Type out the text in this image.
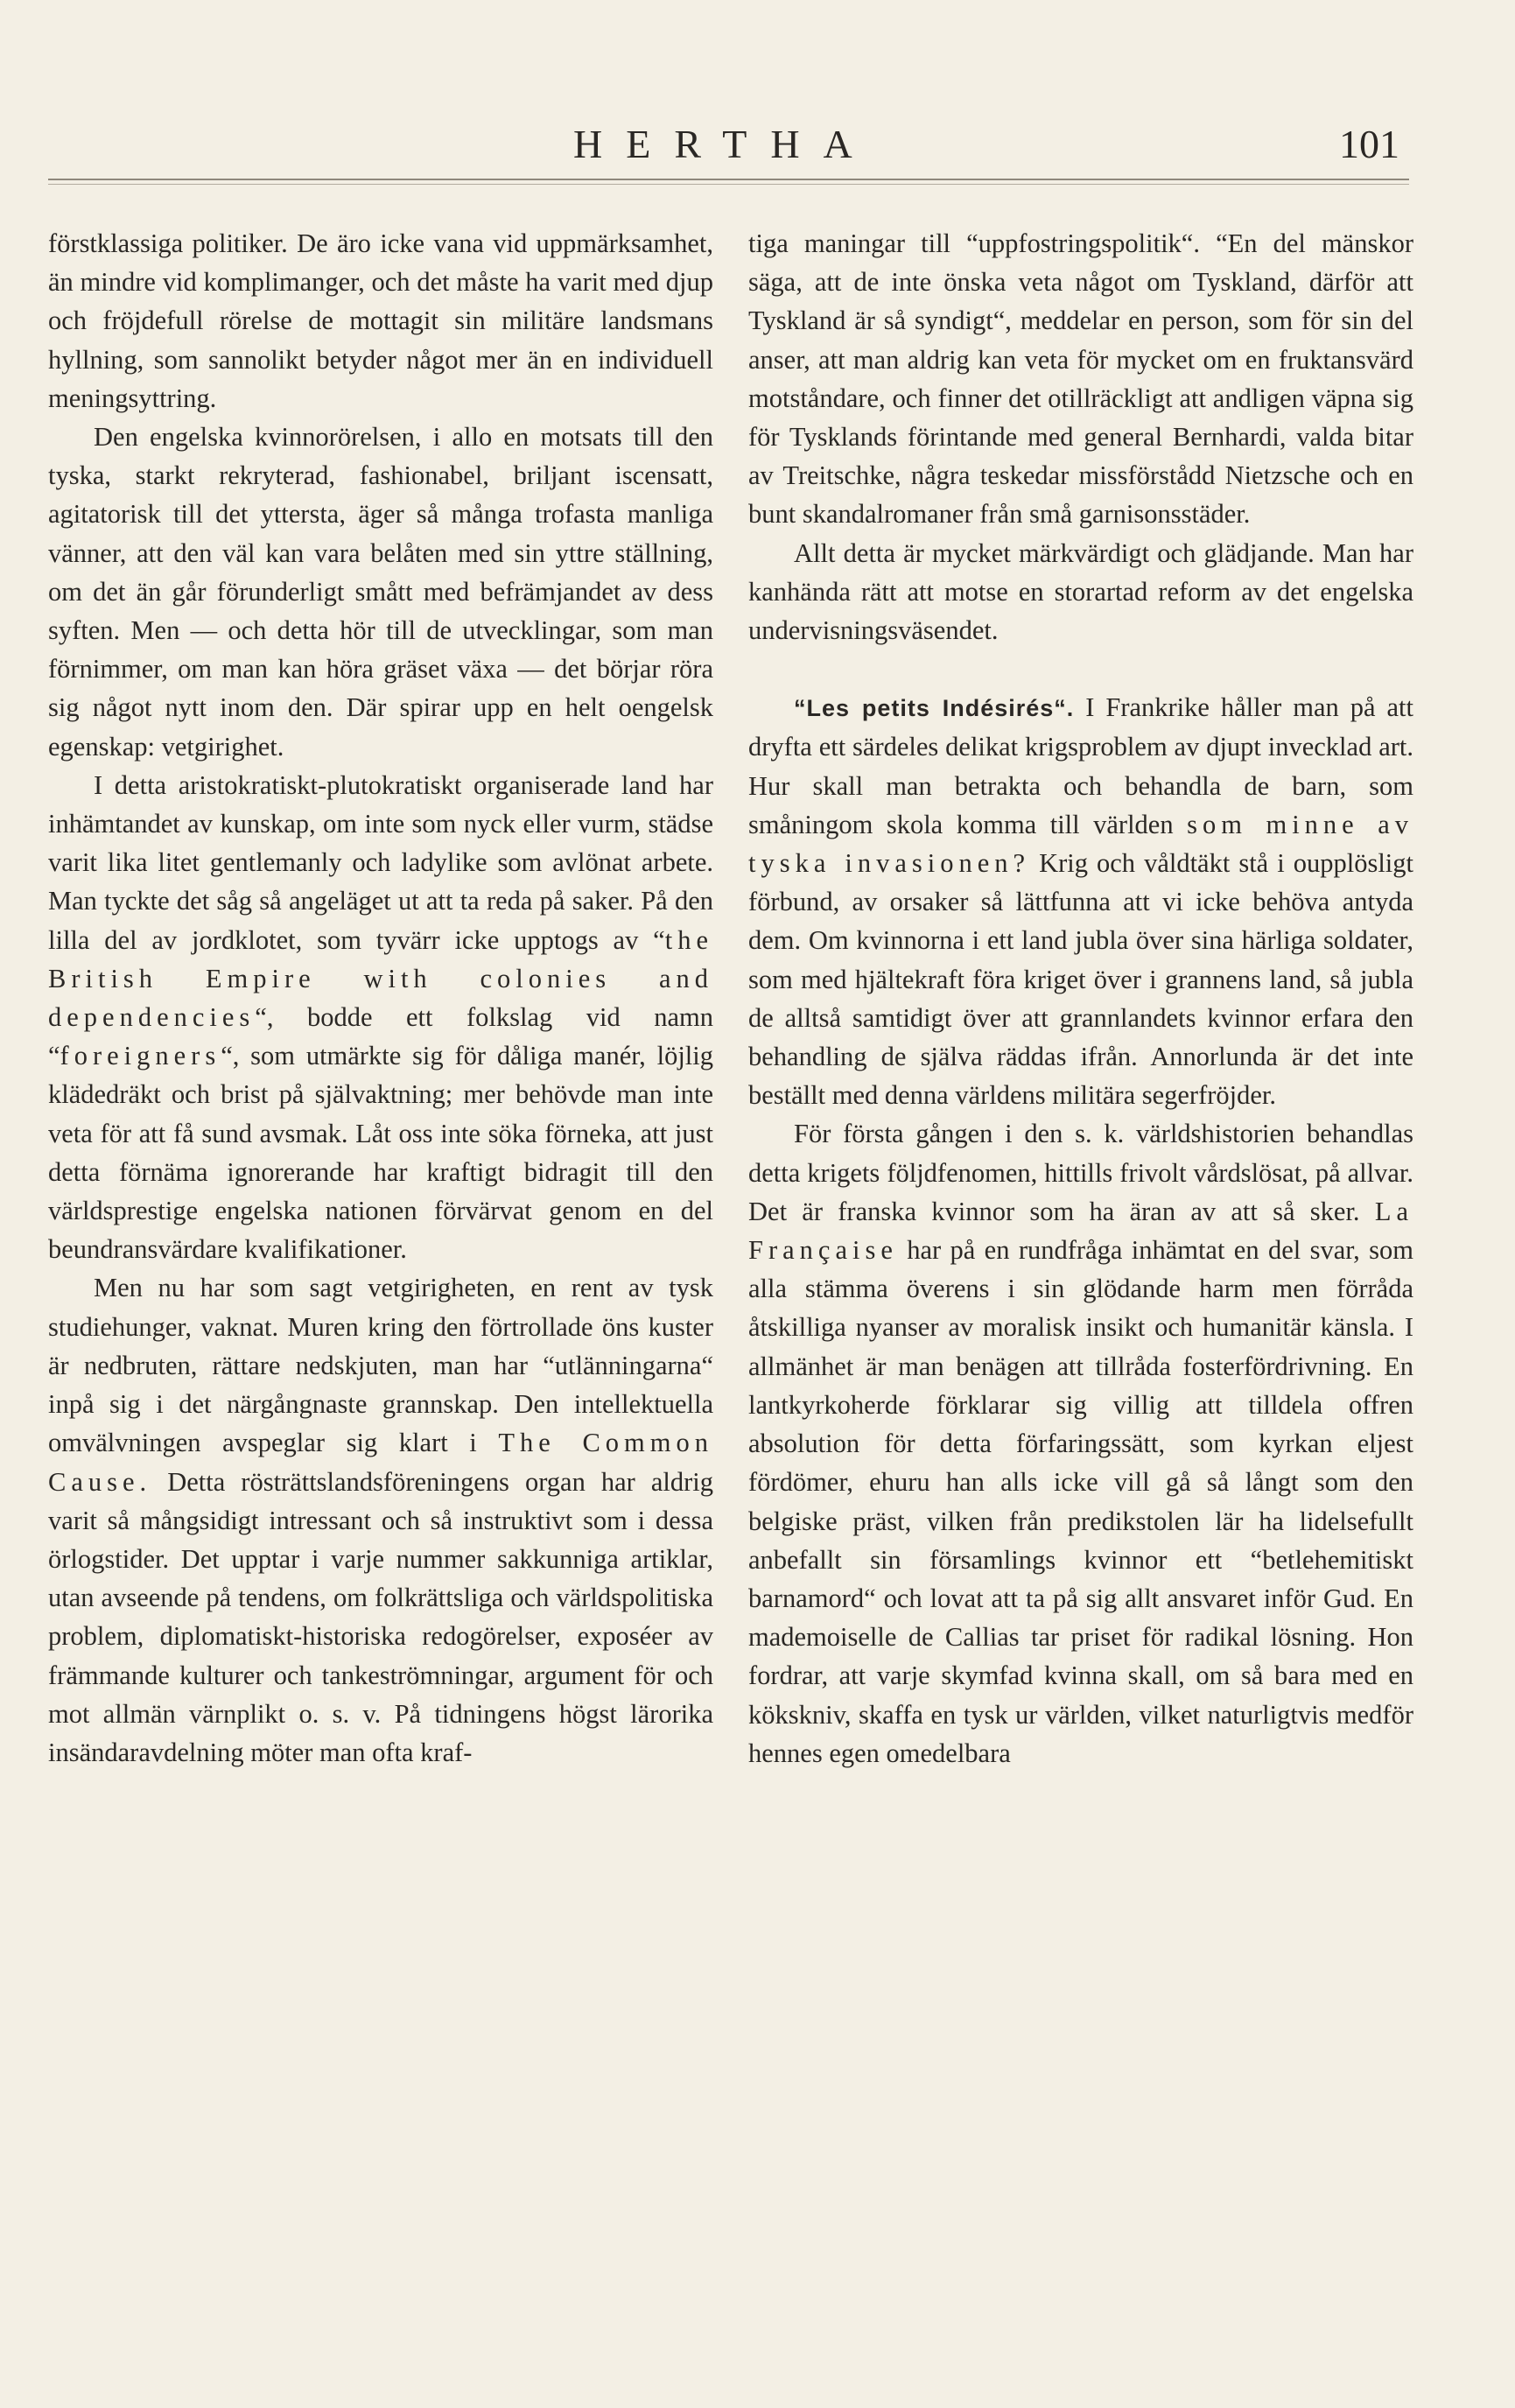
HERTHA	101

förstklassiga politiker. De äro icke vana vid uppmärksamhet, än mindre vid komplimanger, och det måste ha varit med djup och fröjdefull rörelse de mottagit sin militäre landsmans hyllning, som sannolikt betyder något mer än en individuell meningsyttring.

Den engelska kvinnorörelsen, i allo en motsats till den tyska, starkt rekryterad, fashionabel, briljant iscensatt, agitatorisk till det yttersta, äger så många trofasta manliga vänner, att den väl kan vara belåten med sin yttre ställning, om det än går förunderligt smått med befrämjandet av dess syften. Men — och detta hör till de utvecklingar, som man förnimmer, om man kan höra gräset växa — det börjar röra sig något nytt inom den. Där spirar upp en helt oengelsk egenskap: vetgirighet.

I detta aristokratiskt-plutokratiskt organiserade land har inhämtandet av kunskap, om inte som nyck eller vurm, städse varit lika litet gentlemanly och ladylike som avlönat arbete. Man tyckte det såg så angeläget ut att ta reda på saker. På den lilla del av jordklotet, som tyvärr icke upptogs av “the British Empire with colonies and dependencies“, bodde ett folkslag vid namn “foreigners“, som utmärkte sig för dåliga manér, löjlig klädedräkt och brist på självaktning; mer behövde man inte veta för att få sund avsmak. Låt oss inte söka förneka, att just detta förnäma ignorerande har kraftigt bidragit till den världsprestige engelska nationen förvärvat genom en del beundransvärdare kvalifikationer.

Men nu har som sagt vetgirigheten, en rent av tysk studiehunger, vaknat. Muren kring den förtrollade öns kuster är nedbruten, rättare nedskjuten, man har “utlänningarna“ inpå sig i det närgångnaste grannskap. Den intellektuella omvälvningen avspeglar sig klart i The Common Cause. Detta rösträttslandsföreningens organ har aldrig varit så mångsidigt intressant och så instruktivt som i dessa örlogstider. Det upptar i varje nummer sakkunniga artiklar, utan avseende på tendens, om folkrättsliga och världspolitiska problem, diplomatiskt-historiska redogörelser, exposéer av främmande kulturer och tankeströmningar, argument för och mot allmän värnplikt o. s. v. På tidningens högst lärorika insändaravdelning möter man ofta kraf-

tiga maningar till “uppfostringspolitik“. “En del mänskor säga, att de inte önska veta något om Tyskland, därför att Tyskland är så syndigt“, meddelar en person, som för sin del anser, att man aldrig kan veta för mycket om en fruktansvärd motståndare, och finner det otillräckligt att andligen väpna sig för Tysklands förintande med general Bernhardi, valda bitar av Treitschke, några teskedar missförstådd Nietzsche och en bunt skandalromaner från små garnisonsstäder.

Allt detta är mycket märkvärdigt och glädjande. Man har kanhända rätt att motse en storartad reform av det engelska undervisningsväsendet.

“Les petits Indésirés“. I Frankrike håller man på att dryfta ett särdeles delikat krigsproblem av djupt invecklad art. Hur skall man betrakta och behandla de barn, som småningom skola komma till världen som minne av tyska invasionen? Krig och våldtäkt stå i oupplösligt förbund, av orsaker så lättfunna att vi icke behöva antyda dem. Om kvinnorna i ett land jubla över sina härliga soldater, som med hjältekraft föra kriget över i grannens land, så jubla de alltså samtidigt över att grannlandets kvinnor erfara den behandling de själva räddas ifrån. Annorlunda är det inte beställt med denna världens militära segerfröjder.

För första gången i den s. k. världshistorien behandlas detta krigets följdfenomen, hittills frivolt vårdslösat, på allvar. Det är franska kvinnor som ha äran av att så sker. La Française har på en rundfråga inhämtat en del svar, som alla stämma överens i sin glödande harm men förråda åtskilliga nyanser av moralisk insikt och humanitär känsla. I allmänhet är man benägen att tillråda fosterfördrivning. En lantkyrkoherde förklarar sig villig att tilldela offren absolution för detta förfaringssätt, som kyrkan eljest fördömer, ehuru han alls icke vill gå så långt som den belgiske präst, vilken från predikstolen lär ha lidelsefullt anbefallt sin församlings kvinnor ett “betlehemitiskt barnamord“ och lovat att ta på sig allt ansvaret inför Gud. En mademoiselle de Callias tar priset för radikal lösning. Hon fordrar, att varje skymfad kvinna skall, om så bara med en kökskniv, skaffa en tysk ur världen, vilket naturligtvis medför hennes egen omedelbara
